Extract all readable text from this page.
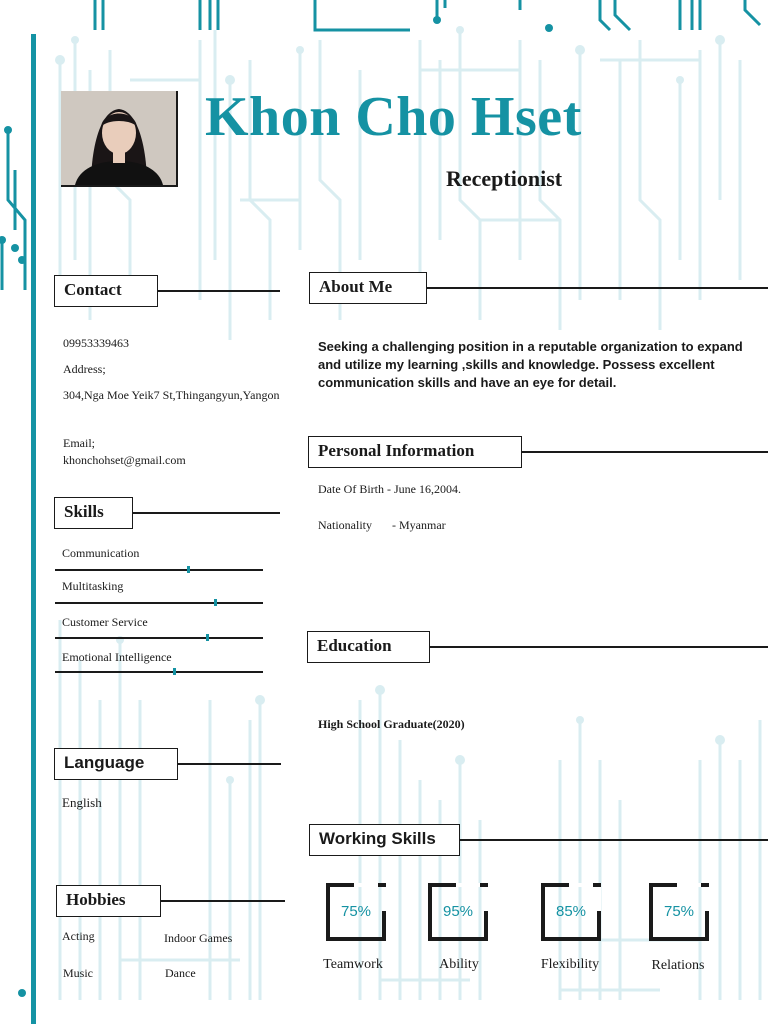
Khon Cho Hset
Receptionist
Contact
09953339463
Address;
304,Nga Moe Yeik7 St,Thingangyun,Yangon
Email;
khonchohset@gmail.com
Skills
Communication
Multitasking
Customer Service
Emotional Intelligence
Language
English
Hobbies
Acting	Indoor Games
Music	Dance
About Me
Seeking a challenging position in a reputable organization to expand and utilize my learning ,skills and knowledge. Possess excellent communication skills and have an eye for detail.
Personal Information
Date Of Birth - June 16,2004.
Nationality - Myanmar
Education
High School Graduate(2020)
Working Skills
75%
Teamwork
95%
Ability
85%
Flexibility
75%
Relations
